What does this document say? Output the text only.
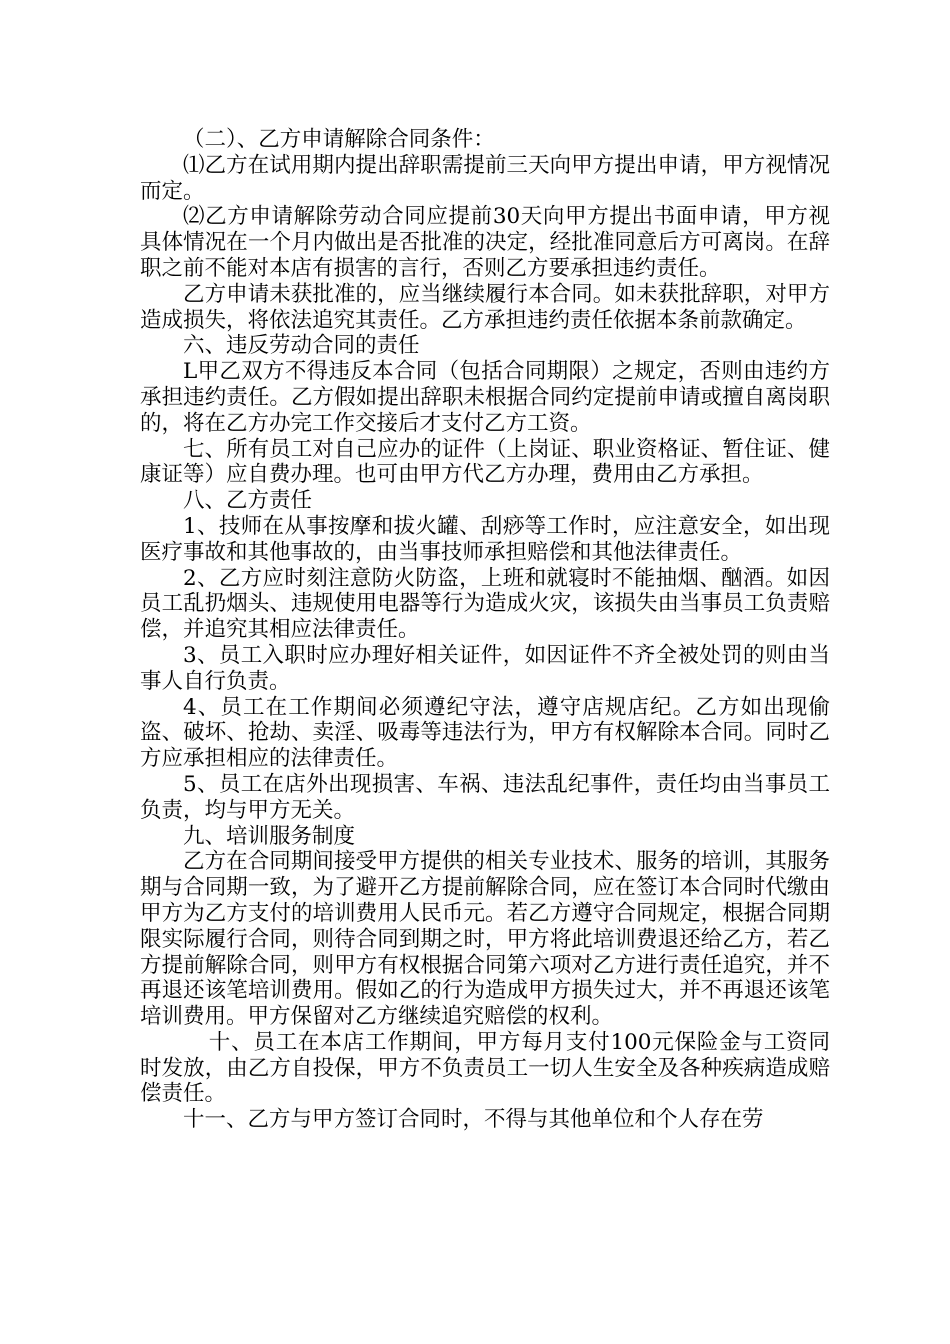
（二）、乙方申请解除合同条件：

⑴乙方在试用期内提出辞职需提前三天向甲方提出申请，甲方视情况而定。

⑵乙方申请解除劳动合同应提前30天向甲方提出书面申请，甲方视具体情况在一个月内做出是否批准的决定，经批准同意后方可离岗。在辞职之前不能对本店有损害的言行，否则乙方要承担违约责任。

乙方申请未获批准的，应当继续履行本合同。如未获批辞职，对甲方造成损失，将依法追究其责任。乙方承担违约责任依据本条前款确定。

六、违反劳动合同的责任

L甲乙双方不得违反本合同（包括合同期限）之规定，否则由违约方承担违约责任。乙方假如提出辞职未根据合同约定提前申请或擅自离岗职的，将在乙方办完工作交接后才支付乙方工资。

七、所有员工对自己应办的证件（上岗证、职业资格证、暂住证、健康证等）应自费办理。也可由甲方代乙方办理，费用由乙方承担。

八、乙方责任

1、技师在从事按摩和拔火罐、刮痧等工作时，应注意安全，如出现医疗事故和其他事故的，由当事技师承担赔偿和其他法律责任。

2、乙方应时刻注意防火防盗，上班和就寝时不能抽烟、酗酒。如因员工乱扔烟头、违规使用电器等行为造成火灾，该损失由当事员工负责赔偿，并追究其相应法律责任。

3、员工入职时应办理好相关证件，如因证件不齐全被处罚的则由当事人自行负责。

4、员工在工作期间必须遵纪守法，遵守店规店纪。乙方如出现偷盗、破坏、抢劫、卖淫、吸毒等违法行为，甲方有权解除本合同。同时乙方应承担相应的法律责任。

5、员工在店外出现损害、车祸、违法乱纪事件，责任均由当事员工负责，均与甲方无关。

九、培训服务制度

乙方在合同期间接受甲方提供的相关专业技术、服务的培训，其服务期与合同期一致，为了避开乙方提前解除合同，应在签订本合同时代缴由甲方为乙方支付的培训费用人民币元。若乙方遵守合同规定，根据合同期限实际履行合同，则待合同到期之时，甲方将此培训费退还给乙方，若乙方提前解除合同，则甲方有权根据合同第六项对乙方进行责任追究，并不再退还该笔培训费用。假如乙的行为造成甲方损失过大，并不再退还该笔培训费用。甲方保留对乙方继续追究赔偿的权利。

十、员工在本店工作期间，甲方每月支付100元保险金与工资同时发放，由乙方自投保，甲方不负责员工一切人生安全及各种疾病造成赔偿责任。

十一、乙方与甲方签订合同时，不得与其他单位和个人存在劳
